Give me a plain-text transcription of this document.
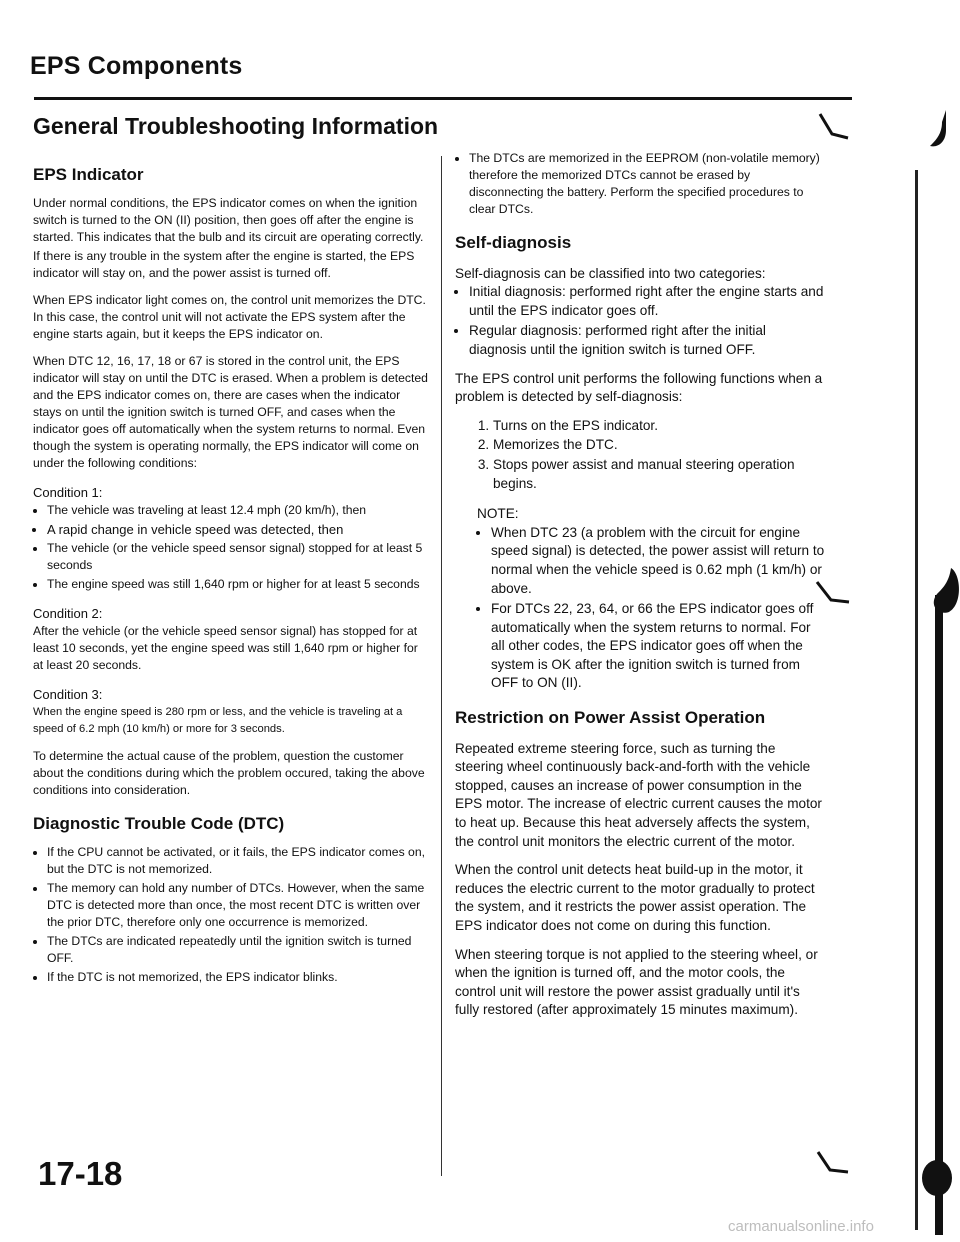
EPS Components
General Troubleshooting Information
EPS Indicator

Under normal conditions, the EPS indicator comes on when the ignition switch is turned to the ON (II) position, then goes off after the engine is started. This indicates that the bulb and its circuit are operating correctly.

If there is any trouble in the system after the engine is started, the EPS indicator will stay on, and the power assist is turned off.

When EPS indicator light comes on, the control unit memorizes the DTC. In this case, the control unit will not activate the EPS system after the engine starts again, but it keeps the EPS indicator on.

When DTC 12, 16, 17, 18 or 67 is stored in the control unit, the EPS indicator will stay on until the DTC is erased. When a problem is detected and the EPS indicator comes on, there are cases when the indicator stays on until the ignition switch is turned OFF, and cases when the indicator goes off automatically when the system returns to normal. Even though the system is operating normally, the EPS indicator will come on under the following conditions:

Condition 1:

• The vehicle was traveling at least 12.4 mph (20 km/h), then
• A rapid change in vehicle speed was detected, then
• The vehicle (or the vehicle speed sensor signal) stopped for at least 5 seconds
• The engine speed was still 1,640 rpm or higher for at least 5 seconds

Condition 2:

After the vehicle (or the vehicle speed sensor signal) has stopped for at least 10 seconds, yet the engine speed was still 1,640 rpm or higher for at least 20 seconds.

Condition 3:

When the engine speed is 280 rpm or less, and the vehicle is traveling at a speed of 6.2 mph (10 km/h) or more for 3 seconds.

To determine the actual cause of the problem, question the customer about the conditions during which the problem occured, taking the above conditions into consideration.

Diagnostic Trouble Code (DTC)
• If the CPU cannot be activated, or it fails, the EPS indicator comes on, but the DTC is not memorized.
• The memory can hold any number of DTCs. However, when the same DTC is detected more than once, the most recent DTC is written over the prior DTC, therefore only one occurrence is memorized.
• The DTCs are indicated repeatedly until the ignition switch is turned OFF.
• If the DTC is not memorized, the EPS indicator blinks.
• The DTCs are memorized in the EEPROM (non-volatile memory) therefore the memorized DTCs cannot be erased by disconnecting the battery. Perform the specified procedures to clear DTCs.
Self-diagnosis

Self-diagnosis can be classified into two categories:

• Initial diagnosis: performed right after the engine starts and until the EPS indicator goes off.
• Regular diagnosis: performed right after the initial diagnosis until the ignition switch is turned OFF.

The EPS control unit performs the following functions when a problem is detected by self-diagnosis:

1. Turns on the EPS indicator.
2. Memorizes the DTC.
3. Stops power assist and manual steering operation begins.

NOTE:

• When DTC 23 (a problem with the circuit for engine speed signal) is detected, the power assist will return to normal when the vehicle speed is 0.62 mph (1 km/h) or above.
• For DTCs 22, 23, 64, or 66 the EPS indicator goes off automatically when the system returns to normal. For all other codes, the EPS indicator goes off when the system is OK after the ignition switch is turned from OFF to ON (II).
Restriction on Power Assist Operation

Repeated extreme steering force, such as turning the steering wheel continuously back-and-forth with the vehicle stopped, causes an increase of power consumption in the EPS motor. The increase of electric current causes the motor to heat up. Because this heat adversely affects the system, the control unit monitors the electric current of the motor.

When the control unit detects heat build-up in the motor, it reduces the electric current to the motor gradually to protect the system, and it restricts the power assist operation. The EPS indicator does not come on during this function.

When steering torque is not applied to the steering wheel, or when the ignition is turned off, and the motor cools, the control unit will restore the power assist gradually until it's fully restored (after approximately 15 minutes maximum).

17-18
carmanualsonline.info
